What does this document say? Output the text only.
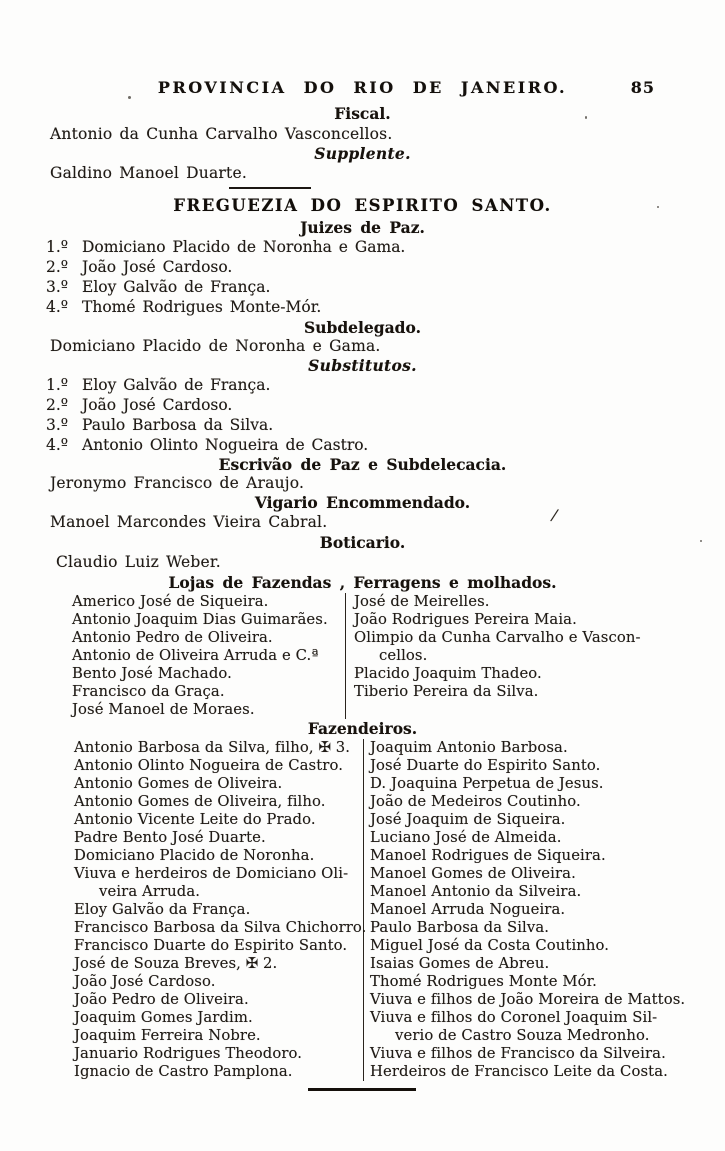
PROVINCIA DO RIO DE JANEIRO.	85
Fiscal.
Antonio da Cunha Carvalho Vasconcellos.
Supplente.
Galdino Manoel Duarte.
FREGUEZIA DO ESPIRITO SANTO.
Juizes de Paz.
1.º Domiciano Placido de Noronha e Gama.
2.º João José Cardoso.
3.º Eloy Galvão de França.
4.º Thomé Rodrigues Monte-Mór.
Subdelegado.
Domiciano Placido de Noronha e Gama.
Substitutos.
1.º Eloy Galvão de França.
2.º João José Cardoso.
3.º Paulo Barbosa da Silva.
4.º Antonio Olinto Nogueira de Castro.
Escrivão de Paz e Subdelecacia.
Jeronymo Francisco de Araujo.
Vigario Encommendado.
Manoel Marcondes Vieira Cabral.
Boticario.
Claudio Luiz Weber.
Lojas de Fazendas , Ferragens e molhados.
Americo José de Siqueira.
Antonio Joaquim Dias Guimarães.
Antonio Pedro de Oliveira.
Antonio de Oliveira Arruda e C.ª
Bento José Machado.
Francisco da Graça.
José Manoel de Moraes.
José de Meirelles.
João Rodrigues Pereira Maia.
Olimpio da Cunha Carvalho e Vascon-
cellos.
Placido Joaquim Thadeo.
Tiberio Pereira da Silva.
Fazendeiros.
Antonio Barbosa da Silva, filho, ✠ 3.
Antonio Olinto Nogueira de Castro.
Antonio Gomes de Oliveira.
Antonio Gomes de Oliveira, filho.
Antonio Vicente Leite do Prado.
Padre Bento José Duarte.
Domiciano Placido de Noronha.
Viuva e herdeiros de Domiciano Oli-
veira Arruda.
Eloy Galvão da França.
Francisco Barbosa da Silva Chichorro.
Francisco Duarte do Espirito Santo.
José de Souza Breves, ✠ 2.
João José Cardoso.
João Pedro de Oliveira.
Joaquim Gomes Jardim.
Joaquim Ferreira Nobre.
Januario Rodrigues Theodoro.
Ignacio de Castro Pamplona.
Joaquim Antonio Barbosa.
José Duarte do Espirito Santo.
D. Joaquina Perpetua de Jesus.
João de Medeiros Coutinho.
José Joaquim de Siqueira.
Luciano José de Almeida.
Manoel Rodrigues de Siqueira.
Manoel Gomes de Oliveira.
Manoel Antonio da Silveira.
Manoel Arruda Nogueira.
Paulo Barbosa da Silva.
Miguel José da Costa Coutinho.
Isaias Gomes de Abreu.
Thomé Rodrigues Monte Mór.
Viuva e filhos de João Moreira de Mattos.
Viuva e filhos do Coronel Joaquim Sil-
verio de Castro Souza Medronho.
Viuva e filhos de Francisco da Silveira.
Herdeiros de Francisco Leite da Costa.
/
